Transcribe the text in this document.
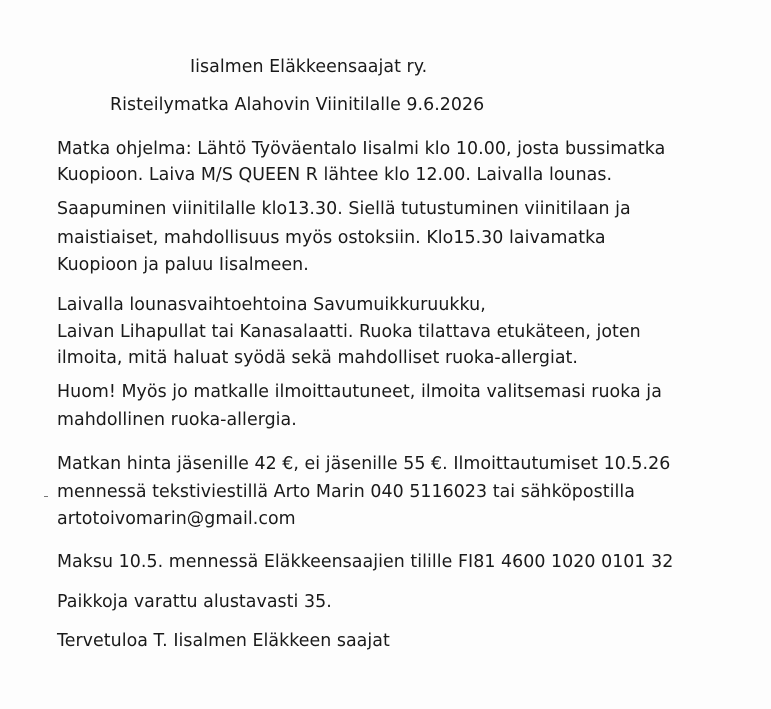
Iisalmen Eläkkeensaajat ry.
Risteilymatka Alahovin Viinitilalle 9.6.2026
Matka ohjelma: Lähtö Työväentalo Iisalmi klo 10.00, josta bussimatka
Kuopioon. Laiva M/S QUEEN R lähtee klo 12.00. Laivalla lounas.
Saapuminen viinitilalle klo13.30. Siellä tutustuminen viinitilaan ja
maistiaiset, mahdollisuus myös ostoksiin. Klo15.30 laivamatka
Kuopioon ja paluu Iisalmeen.
Laivalla lounasvaihtoehtoina Savumuikkuruukku,
Laivan Lihapullat tai Kanasalaatti. Ruoka tilattava etukäteen, joten
ilmoita, mitä haluat syödä sekä mahdolliset ruoka-allergiat.
Huom! Myös jo matkalle ilmoittautuneet, ilmoita valitsemasi ruoka ja
mahdollinen ruoka-allergia.
Matkan hinta jäsenille 42 €, ei jäsenille 55 €. Ilmoittautumiset 10.5.26
mennessä tekstiviestillä Arto Marin 040 5116023 tai sähköpostilla
artotoivomarin@gmail.com
Maksu 10.5. mennessä Eläkkeensaajien tilille FI81 4600 1020 0101 32
Paikkoja varattu alustavasti 35.
Tervetuloa T. Iisalmen Eläkkeen saajat
